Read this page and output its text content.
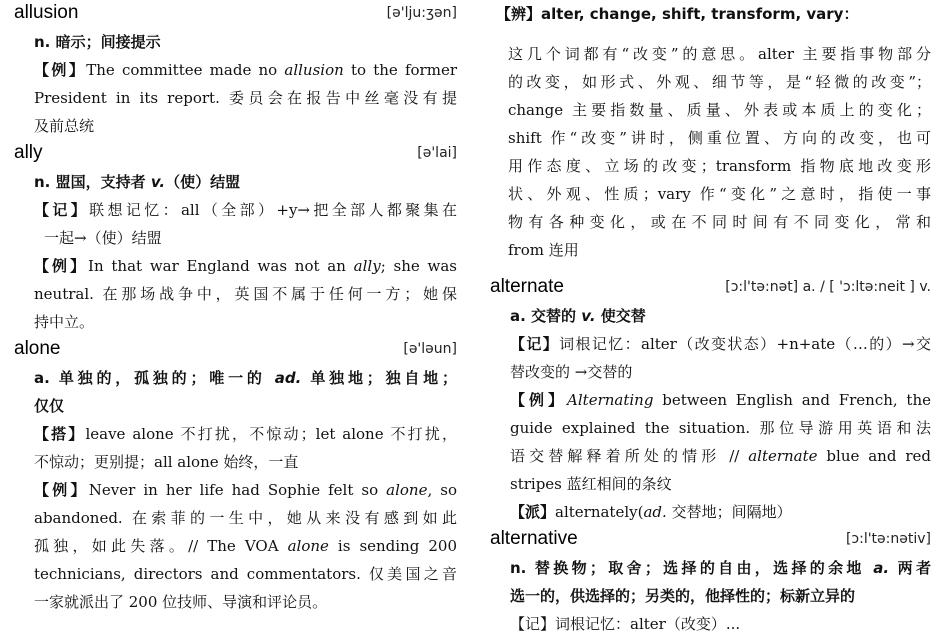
allusion	[ə'lju:ʒən]
n. 暗示；间接提示
【例】The committee made no allusion to the former
President in its report. 委员会在报告中丝毫没有提
及前总统
ally	[ə'lai]
n. 盟国，支持者 v.（使）结盟
【记】联想记忆：all（全部）+y→把全部人都聚集在
一起→（使）结盟
【例】In that war England was not an ally; she was
neutral. 在那场战争中，英国不属于任何一方；她保
持中立。
alone	[ə'ləun]
a. 单独的，孤独的；唯一的 ad. 单独地；独自地；
仅仅
【搭】leave alone 不打扰，不惊动；let alone 不打扰，
不惊动；更别提；all alone 始终，一直
【例】Never in her life had Sophie felt so alone, so
abandoned. 在索菲的一生中，她从来没有感到如此
孤独，如此失落。// The VOA alone is sending 200
technicians, directors and commentators. 仅美国之音
一家就派出了 200 位技师、导演和评论员。
【辨】alter, change, shift, transform, vary：
这几个词都有“改变”的意思。alter 主要指事物部分
的改变，如形式、外观、细节等，是“轻微的改变”；
change 主要指数量、质量、外表或本质上的变化；
shift 作“改变”讲时，侧重位置、方向的改变，也可
用作态度、立场的改变；transform 指物底地改变形
状、外观、性质；vary 作“变化”之意时，指使一事
物有各种变化，或在不同时间有不同变化，常和
from 连用
alternate	[ɔ:l'tə:nət] a. / [ 'ɔ:ltə:neit ] v.
a. 交替的 v. 使交替
【记】词根记忆：alter（改变状态）+n+ate（…的）→交
替改变的 →交替的
【例】Alternating between English and French, the
guide explained the situation. 那位导游用英语和法
语交替解释着所处的情形 // alternate blue and red
stripes 蓝红相间的条纹
【派】alternately(ad. 交替地；间隔地）
alternative	[ɔ:l'tə:nətiv]
n. 替换物；取舍；选择的自由，选择的余地 a. 两者
选一的，供选择的；另类的，他择性的；标新立异的
【记】词根记忆：alter（改变）...
